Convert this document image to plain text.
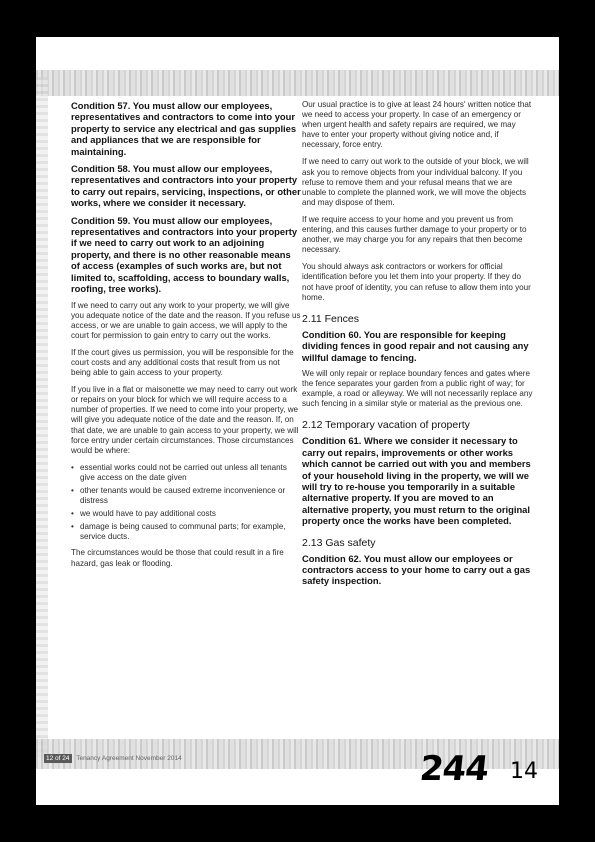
Condition 57. You must allow our employees, representatives and contractors to come into your property to service any electrical and gas supplies and appliances that we are responsible for maintaining.

Condition 58. You must allow our employees, representatives and contractors into your property to carry out repairs, servicing, inspections, or other works, where we consider it necessary.

Condition 59. You must allow our employees, representatives and contractors into your property if we need to carry out work to an adjoining property, and there is no other reasonable means of access (examples of such works are, but not limited to, scaffolding, access to boundary walls, roofing, tree works).

If we need to carry out any work to your property, we will give you adequate notice of the date and the reason. If you refuse us access, or we are unable to gain access, we will apply to the court for permission to gain entry to carry out the works.

If the court gives us permission, you will be responsible for the court costs and any additional costs that result from us not being able to gain access to your property.

If you live in a flat or maisonette we may need to carry out work or repairs on your block for which we will require access to a number of properties. If we need to come into your property, we will give you adequate notice of the date and the reason. If, on that date, we are unable to gain access to your property, we will force entry under certain circumstances. Those circumstances would be where:

• essential works could not be carried out unless all tenants give access on the date given
• other tenants would be caused extreme inconvenience or distress
• we would have to pay additional costs
• damage is being caused to communal parts; for example, service ducts.

The circumstances would be those that could result in a fire hazard, gas leak or flooding.

Our usual practice is to give at least 24 hours' written notice that we need to access your property. In case of an emergency or when urgent health and safety repairs are required, we may have to enter your property without giving notice and, if necessary, force entry.

If we need to carry out work to the outside of your block, we will ask you to remove objects from your individual balcony. If you refuse to remove them and your refusal means that we are unable to complete the planned work, we will move the objects and may dispose of them.

If we require access to your home and you prevent us from entering, and this causes further damage to your property or to another, we may charge you for any repairs that then become necessary.

You should always ask contractors or workers for official identification before you let them into your property. If they do not have proof of identity, you can refuse to allow them into your home.

2.11 Fences

Condition 60. You are responsible for keeping dividing fences in good repair and not causing any willful damage to fencing.

We will only repair or replace boundary fences and gates where the fence separates your garden from a public right of way; for example, a road or alleyway. We will not necessarily replace any such fencing in a similar style or material as the previous one.

2.12 Temporary vacation of property

Condition 61. Where we consider it necessary to carry out repairs, improvements or other works which cannot be carried out with you and members of your household living in the property, we will we will try to re-house you temporarily in a suitable alternative property. If you are moved to an alternative property, you must return to the original property once the works have been completed.

2.13 Gas safety

Condition 62. You must allow our employees or contractors access to your home to carry out a gas safety inspection.

12 of 24 Tenancy Agreement November 2014	244 14
